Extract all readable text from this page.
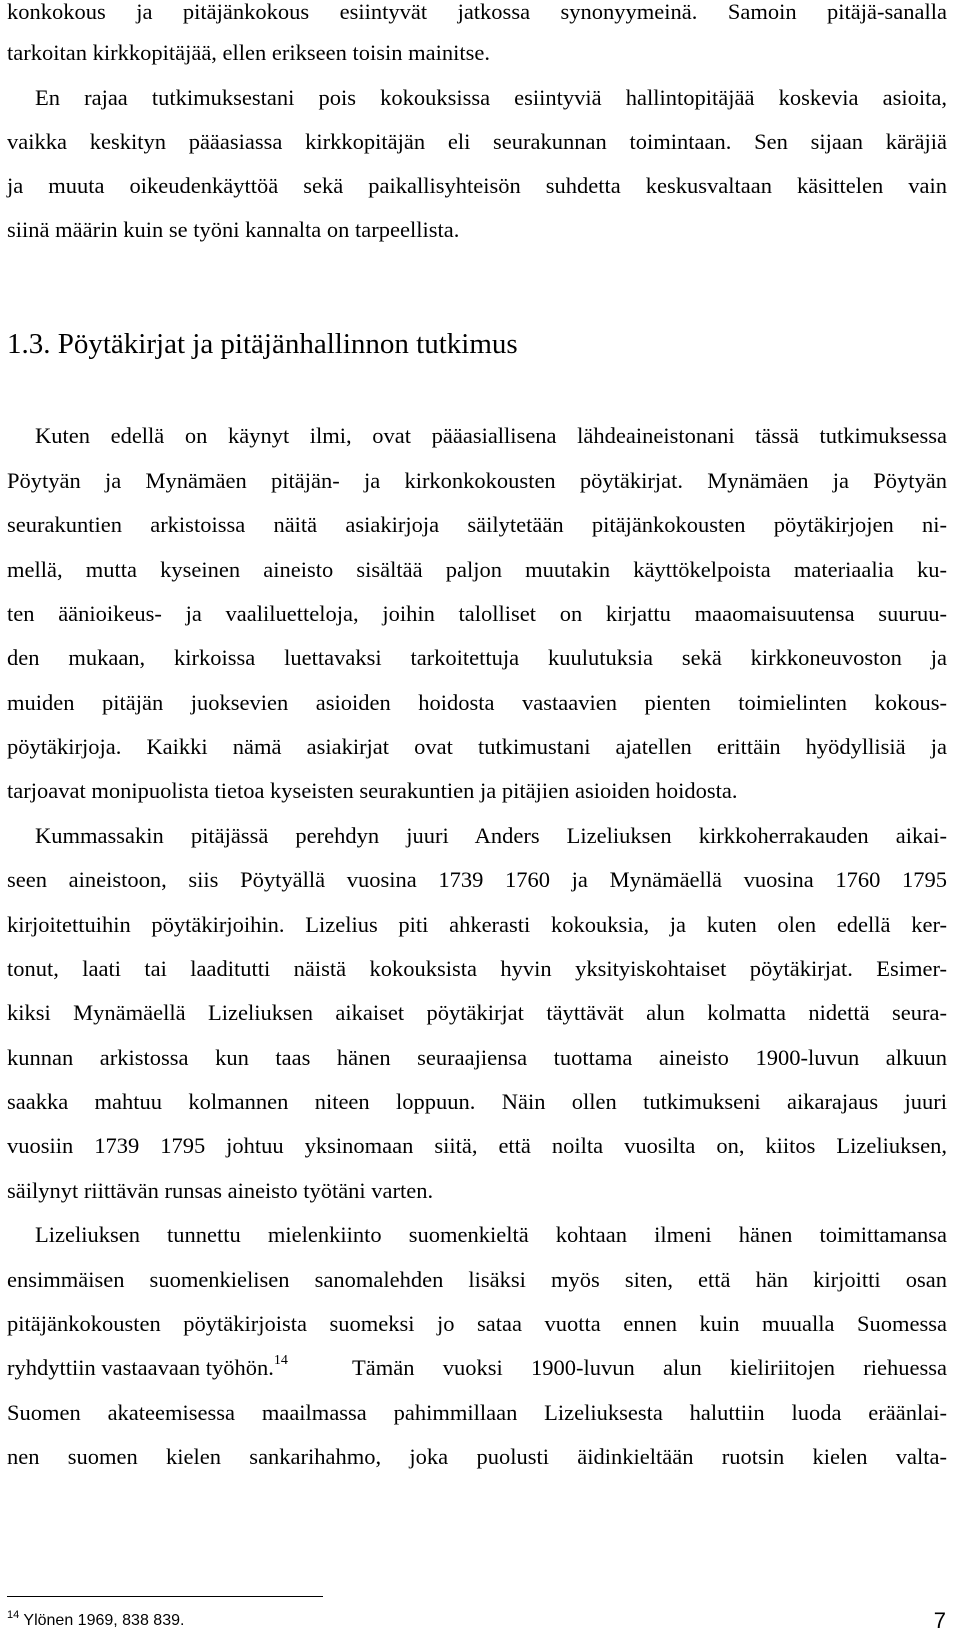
konkokous ja pitäjänkokous esiintyvät jatkossa synonyymeinä. Samoin pitäjä-sanalla
tarkoitan kirkkopitäjää, ellen erikseen toisin mainitse.
En rajaa tutkimuksestani pois kokouksissa esiintyviä hallintopitäjää koskevia asioita,
vaikka keskityn pääasiassa kirkkopitäjän eli seurakunnan toimintaan. Sen sijaan käräjiä
ja muuta oikeudenkäyttöä sekä paikallisyhteisön suhdetta keskusvaltaan käsittelen vain
siinä määrin kuin se työni kannalta on tarpeellista.
1.3. Pöytäkirjat ja pitäjänhallinnon tutkimus
Kuten edellä on käynyt ilmi, ovat pääasiallisena lähdeaineistonani tässä tutkimuksessa
Pöytyän ja Mynämäen pitäjän- ja kirkonkokousten pöytäkirjat. Mynämäen ja Pöytyän
seurakuntien arkistoissa näitä asiakirjoja säilytetään pitäjänkokousten pöytäkirjojen ni-
mellä, mutta kyseinen aineisto sisältää paljon muutakin käyttökelpoista materiaalia ku-
ten äänioikeus- ja vaaliluetteloja, joihin talolliset on kirjattu maaomaisuutensa suuruu-
den mukaan, kirkoissa luettavaksi tarkoitettuja kuulutuksia sekä kirkkoneuvoston ja
muiden pitäjän juoksevien asioiden hoidosta vastaavien pienten toimielinten kokous-
pöytäkirjoja. Kaikki nämä asiakirjat ovat tutkimustani ajatellen erittäin hyödyllisiä ja
tarjoavat monipuolista tietoa kyseisten seurakuntien ja pitäjien asioiden hoidosta.
Kummassakin pitäjässä perehdyn juuri Anders Lizeliuksen kirkkoherrakauden aikai-
seen aineistoon, siis Pöytyällä vuosina 1739 1760 ja Mynämäellä vuosina 1760 1795
kirjoitettuihin pöytäkirjoihin. Lizelius piti ahkerasti kokouksia, ja kuten olen edellä ker-
tonut, laati tai laaditutti näistä kokouksista hyvin yksityiskohtaiset pöytäkirjat. Esimer-
kiksi Mynämäellä Lizeliuksen aikaiset pöytäkirjat täyttävät alun kolmatta nidettä seura-
kunnan arkistossa kun taas hänen seuraajiensa tuottama aineisto 1900-luvun alkuun
saakka mahtuu kolmannen niteen loppuun. Näin ollen tutkimukseni aikarajaus juuri
vuosiin 1739 1795 johtuu yksinomaan siitä, että noilta vuosilta on, kiitos Lizeliuksen,
säilynyt riittävän runsas aineisto työtäni varten.
Lizeliuksen tunnettu mielenkiinto suomenkieltä kohtaan ilmeni hänen toimittamansa
ensimmäisen suomenkielisen sanomalehden lisäksi myös siten, että hän kirjoitti osan
pitäjänkokousten pöytäkirjoista suomeksi jo sataa vuotta ennen kuin muualla Suomessa
ryhdyttiin vastaavaan työhön.$^{14}$	Tämän vuoksi 1900-luvun alun kieliriitojen riehuessa
Suomen akateemisessa maailmassa pahimmillaan Lizeliuksesta haluttiin luoda eräänlai-
nen suomen kielen sankarihahmo, joka puolusti äidinkieltään ruotsin kielen valta-
$^{14}$ Ylönen 1969, 838 839.	7
